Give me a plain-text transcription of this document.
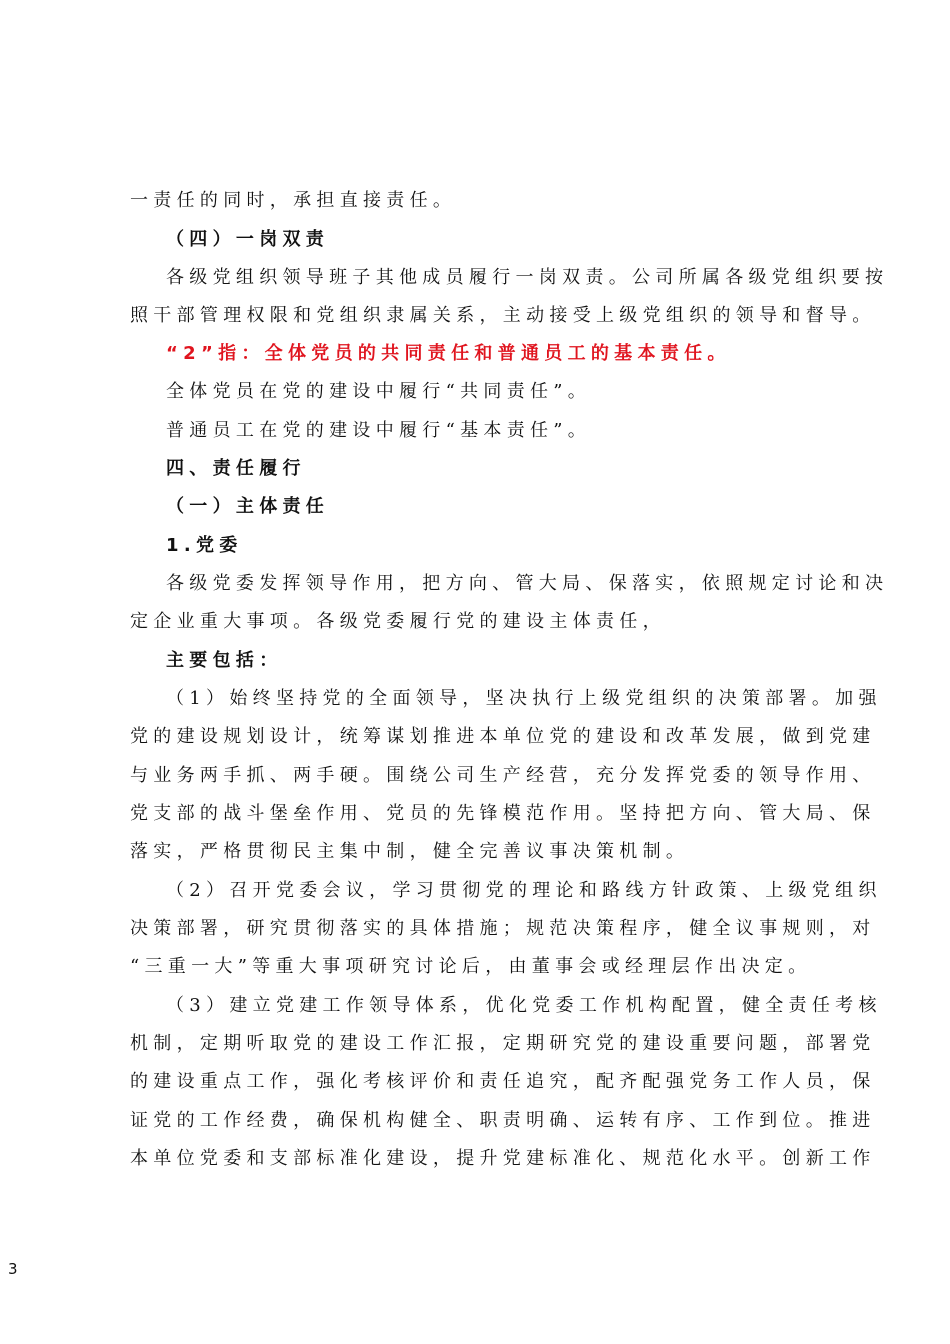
一责任的同时，承担直接责任。
（四）一岗双责
各级党组织领导班子其他成员履行一岗双责。公司所属各级党组织要按
照干部管理权限和党组织隶属关系，主动接受上级党组织的领导和督导。
“2”指：全体党员的共同责任和普通员工的基本责任。
全体党员在党的建设中履行“共同责任”。
普通员工在党的建设中履行“基本责任”。
四、责任履行
（一）主体责任
1.党委
各级党委发挥领导作用，把方向、管大局、保落实，依照规定讨论和决
定企业重大事项。各级党委履行党的建设主体责任，
主要包括：
（1）始终坚持党的全面领导，坚决执行上级党组织的决策部署。加强
党的建设规划设计，统筹谋划推进本单位党的建设和改革发展，做到党建
与业务两手抓、两手硬。围绕公司生产经营，充分发挥党委的领导作用、
党支部的战斗堡垒作用、党员的先锋模范作用。坚持把方向、管大局、保
落实，严格贯彻民主集中制，健全完善议事决策机制。
（2）召开党委会议，学习贯彻党的理论和路线方针政策、上级党组织
决策部署，研究贯彻落实的具体措施；规范决策程序，健全议事规则，对
“三重一大”等重大事项研究讨论后，由董事会或经理层作出决定。
（3）建立党建工作领导体系，优化党委工作机构配置，健全责任考核
机制，定期听取党的建设工作汇报，定期研究党的建设重要问题，部署党
的建设重点工作，强化考核评价和责任追究，配齐配强党务工作人员，保
证党的工作经费，确保机构健全、职责明确、运转有序、工作到位。推进
本单位党委和支部标准化建设，提升党建标准化、规范化水平。创新工作
3
